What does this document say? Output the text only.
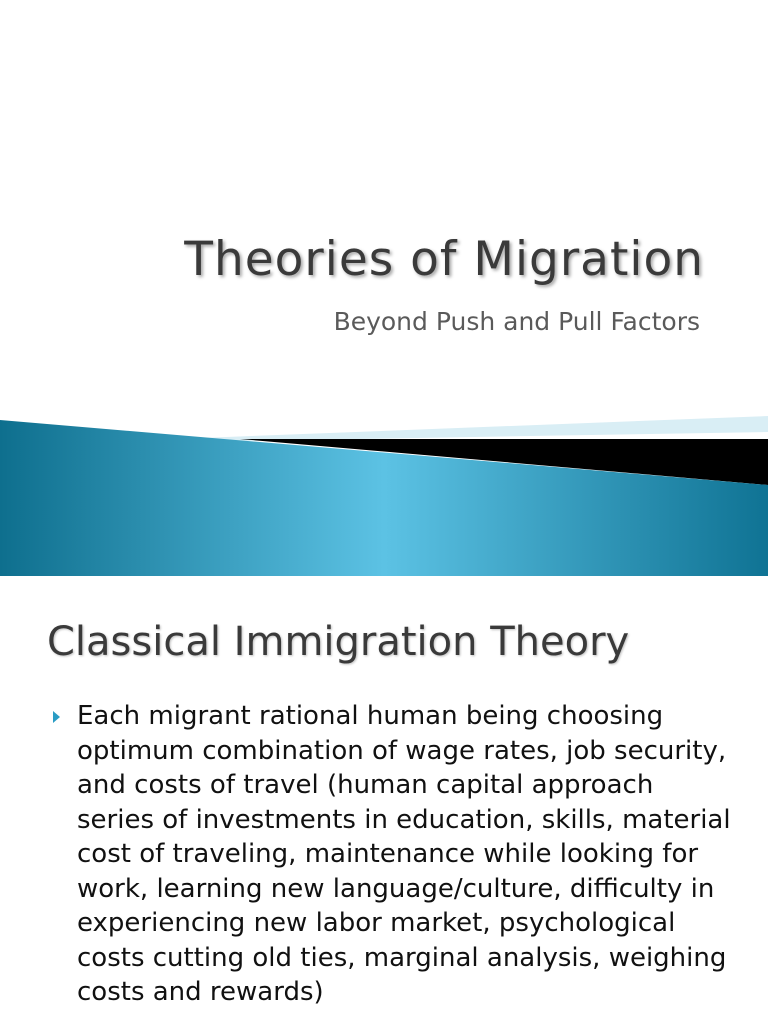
Theories of Migration
Beyond Push and Pull Factors
Classical Immigration Theory
Each migrant rational human being choosing optimum combination of wage rates, job security, and costs of travel (human capital approach series of investments in education, skills, material cost of traveling, maintenance while looking for work, learning new language/culture, difficulty in experiencing new labor market, psychological costs cutting old ties, marginal analysis, weighing costs and rewards)
